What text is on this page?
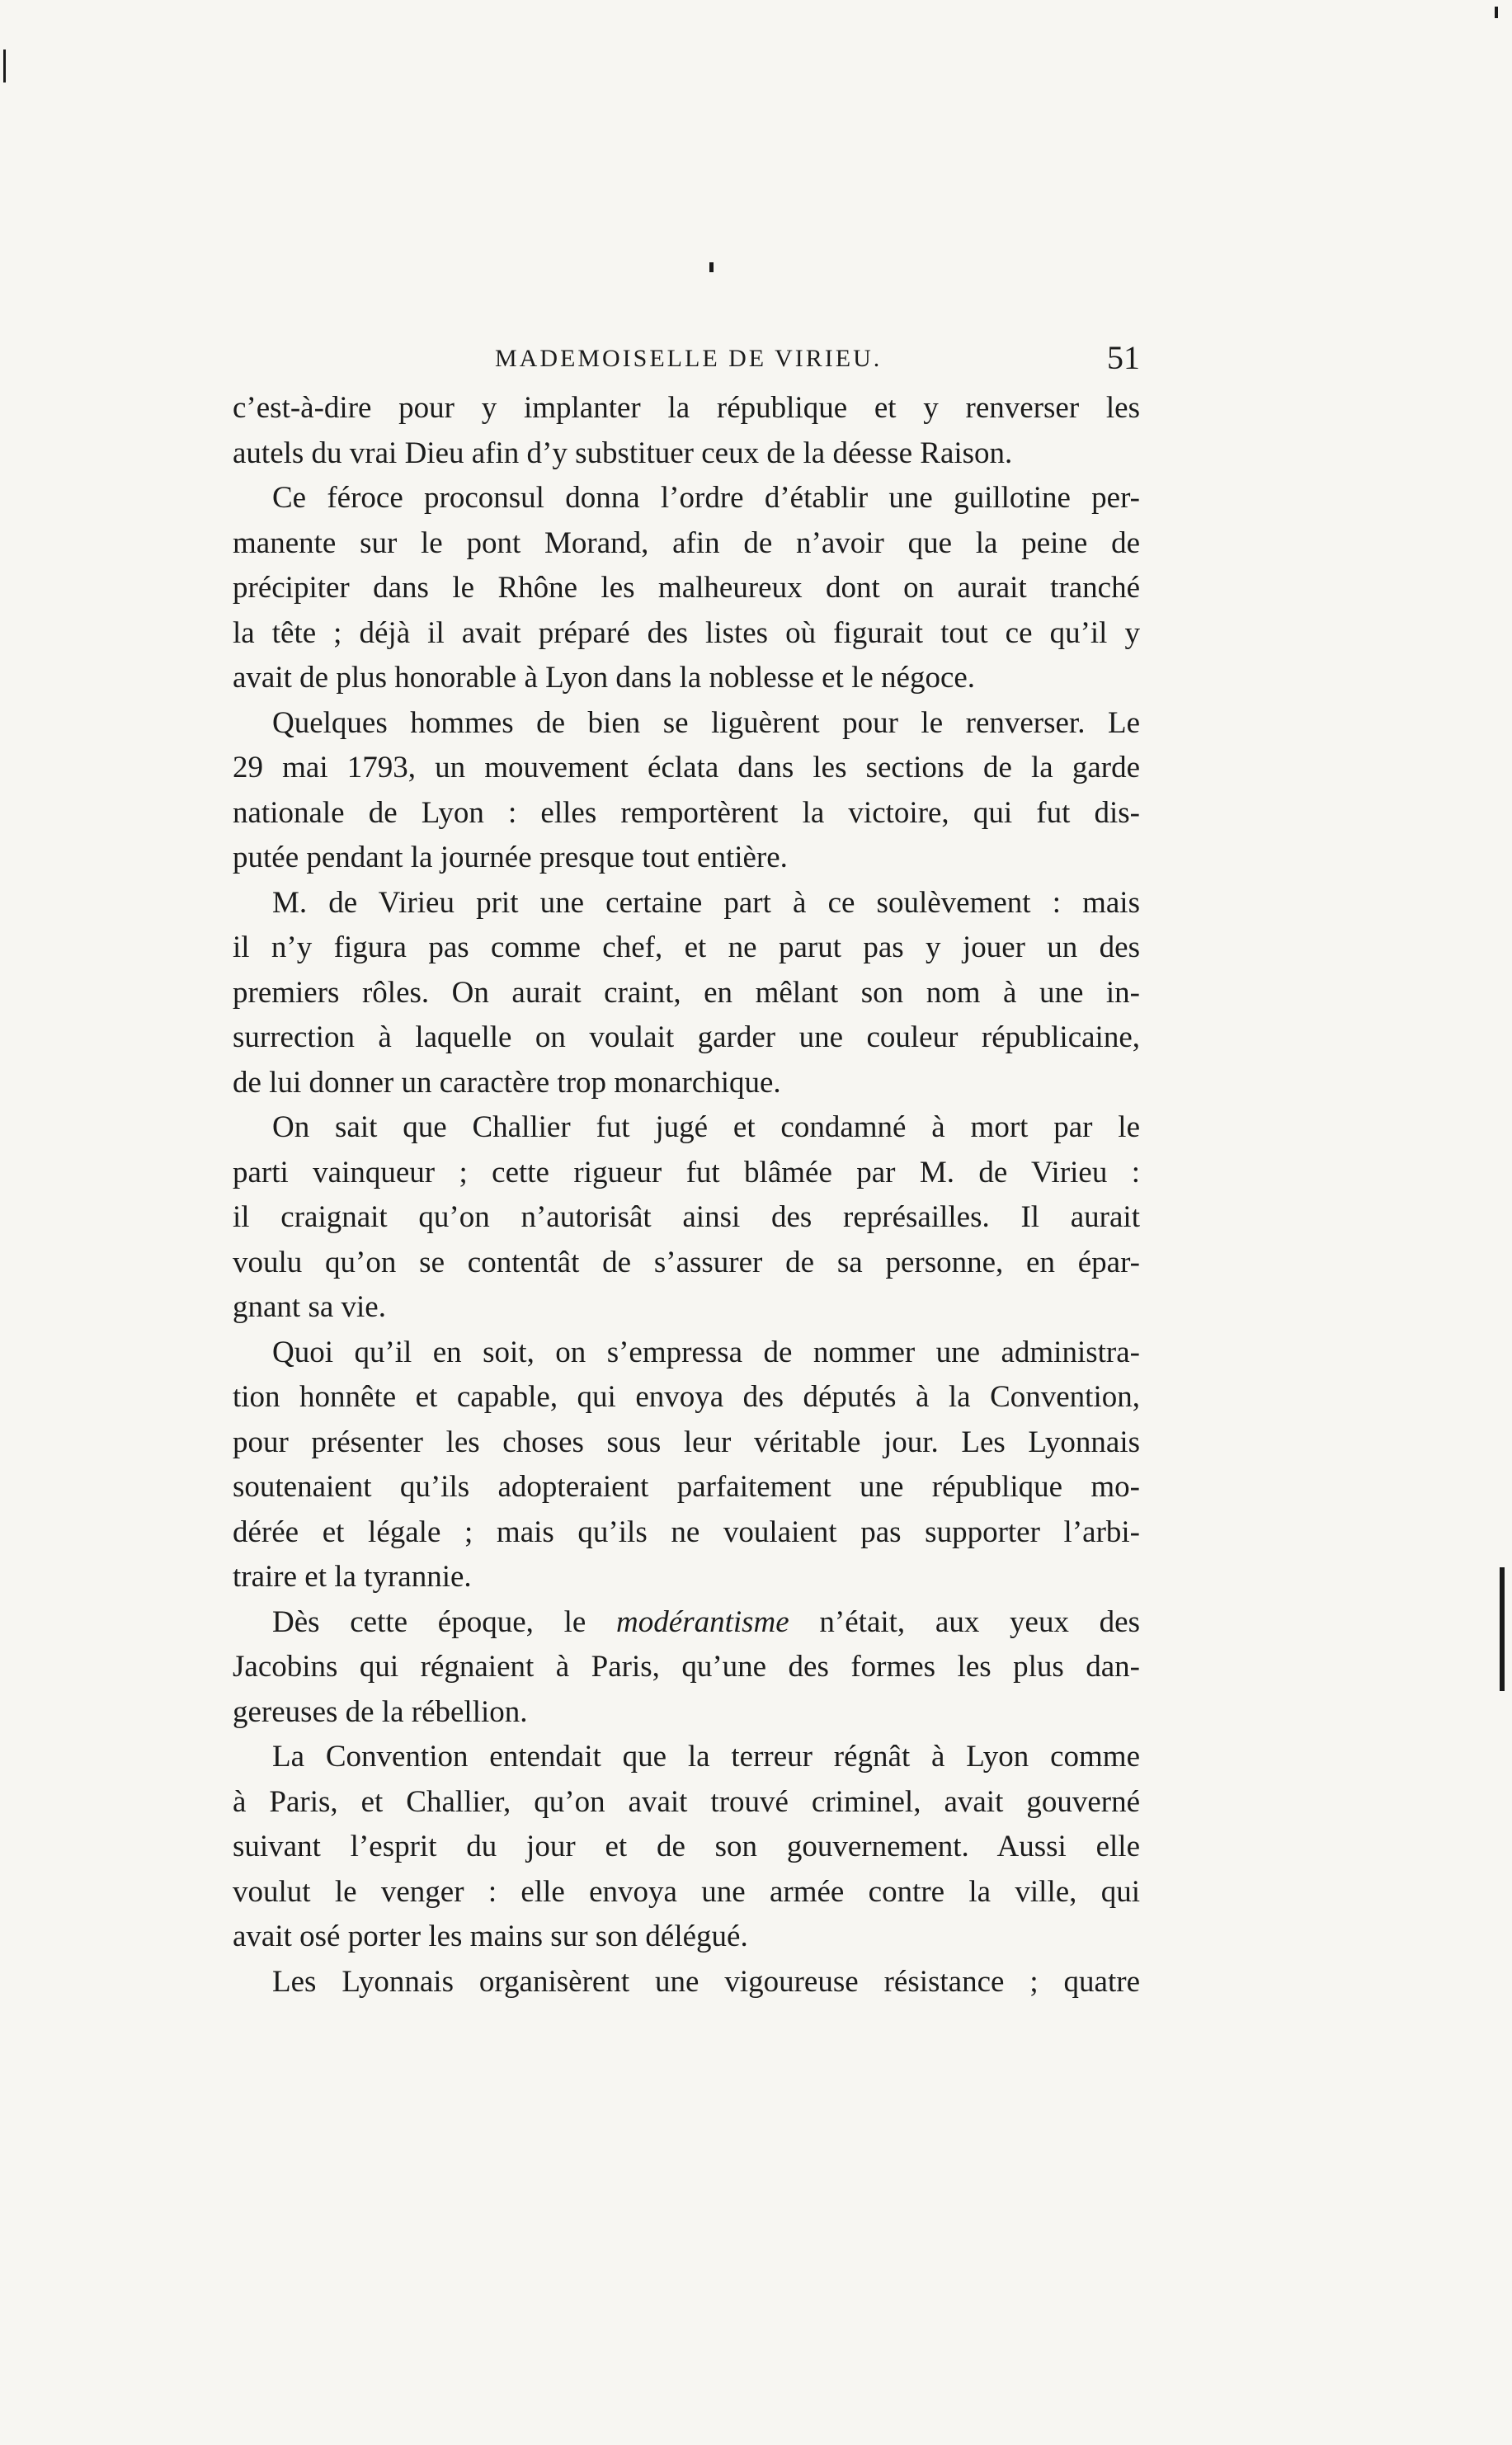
MADEMOISELLE DE VIRIEU.	51
c’est-à-dire pour y implanter la république et y renverser les
autels du vrai Dieu afin d’y substituer ceux de la déesse Raison.
Ce féroce proconsul donna l’ordre d’établir une guillotine per-
manente sur le pont Morand, afin de n’avoir que la peine de
précipiter dans le Rhône les malheureux dont on aurait tranché
la tête ; déjà il avait préparé des listes où figurait tout ce qu’il y
avait de plus honorable à Lyon dans la noblesse et le négoce.
Quelques hommes de bien se liguèrent pour le renverser. Le
29 mai 1793, un mouvement éclata dans les sections de la garde
nationale de Lyon : elles remportèrent la victoire, qui fut dis-
putée pendant la journée presque tout entière.
M. de Virieu prit une certaine part à ce soulèvement : mais
il n’y figura pas comme chef, et ne parut pas y jouer un des
premiers rôles. On aurait craint, en mêlant son nom à une in-
surrection à laquelle on voulait garder une couleur républicaine,
de lui donner un caractère trop monarchique.
On sait que Challier fut jugé et condamné à mort par le
parti vainqueur ; cette rigueur fut blâmée par M. de Virieu :
il craignait qu’on n’autorisât ainsi des représailles. Il aurait
voulu qu’on se contentât de s’assurer de sa personne, en épar-
gnant sa vie.
Quoi qu’il en soit, on s’empressa de nommer une administra-
tion honnête et capable, qui envoya des députés à la Convention,
pour présenter les choses sous leur véritable jour. Les Lyonnais
soutenaient qu’ils adopteraient parfaitement une république mo-
dérée et légale ; mais qu’ils ne voulaient pas supporter l’arbi-
traire et la tyrannie.
Dès cette époque, le modérantisme n’était, aux yeux des
Jacobins qui régnaient à Paris, qu’une des formes les plus dan-
gereuses de la rébellion.
La Convention entendait que la terreur régnât à Lyon comme
à Paris, et Challier, qu’on avait trouvé criminel, avait gouverné
suivant l’esprit du jour et de son gouvernement. Aussi elle
voulut le venger : elle envoya une armée contre la ville, qui
avait osé porter les mains sur son délégué.
Les Lyonnais organisèrent une vigoureuse résistance ; quatre
